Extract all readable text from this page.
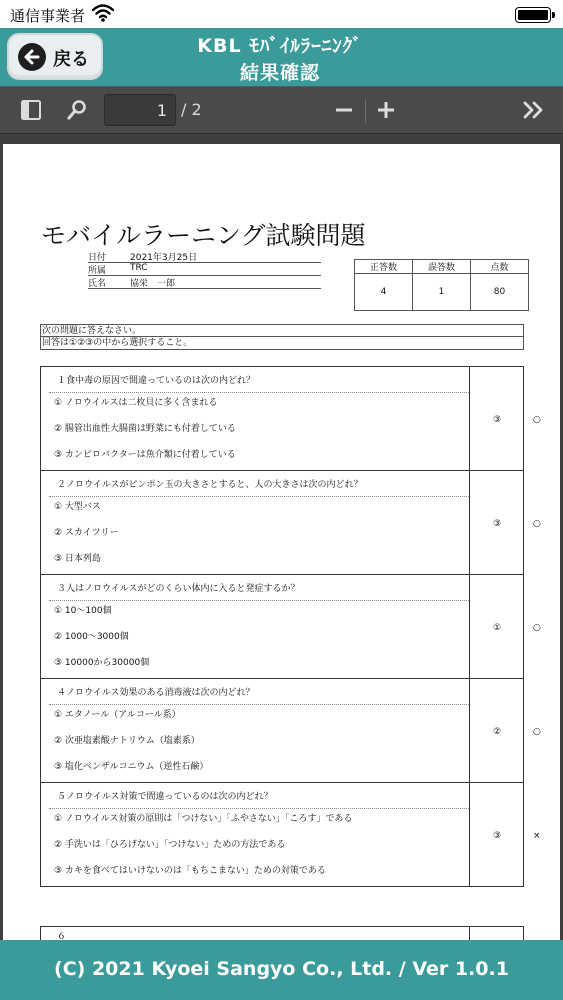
通信事業者
戻る
KBL ﾓﾊﾞｲﾙﾗｰﾆﾝｸﾞ
結果確認
1 / 2
モバイルラーニング試験問題
日付	2021年3月25日
所属	TRC
氏名	協栄　一郎
正答数	誤答数	点数
4	1	80
次の問題に答えなさい。
回答は①②③の中から選択すること。
１食中毒の原因で間違っているのは次の内どれ？
① ノロウイルスは二枚貝に多く含まれる
② 腸管出血性大腸菌は野菜にも付着している
③ カンピロバクターは魚介類に付着している
③	○
２ノロウイルスがピンポン玉の大きさとすると、人の大きさは次の内どれ？
① 大型バス
② スカイツリー
③ 日本列島
③	○
３人はノロウイルスがどのくらい体内に入ると発症するか？
① 10～100個
② 1000～3000個
③ 10000から30000個
①	○
４ノロウイルス効果のある消毒液は次の内どれ？
① エタノール（アルコール系）
② 次亜塩素酸ナトリウム（塩素系）
③ 塩化ベンザルコニウム（逆性石鹸）
②	○
５ノロウイルス対策で間違っているのは次の内どれ？
① ノロウイルス対策の原則は「つけない」「ふやさない」「ころす」である
② 手洗いは「ひろげない」「つけない」ための方法である
③ カキを食べてはいけないのは「もちこまない」ための対策である
③	×
６
(C) 2021 Kyoei Sangyo Co., Ltd. / Ver 1.0.1
